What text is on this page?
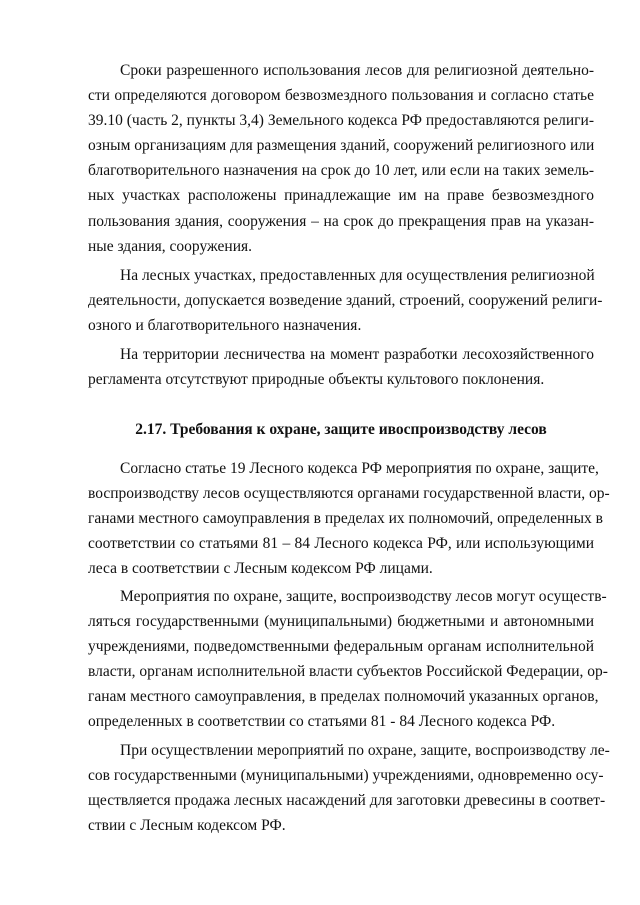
Сроки разрешенного использования лесов для религиозной деятельно-
сти определяются договором безвозмездного пользования и согласно статье
39.10 (часть 2, пункты 3,4) Земельного кодекса РФ предоставляются религи-
озным организациям для размещения зданий, сооружений религиозного или
благотворительного назначения на срок до 10 лет, или если на таких земель-
ных участках расположены принадлежащие им на праве безвозмездного
пользования здания, сооружения – на срок до прекращения прав на указан-
ные здания, сооружения.
На лесных участках, предоставленных для осуществления религиозной
деятельности, допускается возведение зданий, строений, сооружений религи-
озного и благотворительного назначения.
На территории лесничества на момент разработки лесохозяйственного
регламента отсутствуют природные объекты культового поклонения.
2.17. Требования к охране, защите ивоспроизводству лесов
Согласно статье 19 Лесного кодекса РФ мероприятия по охране, защите,
воспроизводству лесов осуществляются органами государственной власти, ор-
ганами местного самоуправления в пределах их полномочий, определенных в
соответствии со статьями 81 – 84 Лесного кодекса РФ, или использующими
леса в соответствии с Лесным кодексом РФ лицами.
Мероприятия по охране, защите, воспроизводству лесов могут осуществ-
ляться государственными (муниципальными) бюджетными и автономными
учреждениями, подведомственными федеральным органам исполнительной
власти, органам исполнительной власти субъектов Российской Федерации, ор-
ганам местного самоуправления, в пределах полномочий указанных органов,
определенных в соответствии со статьями 81 - 84 Лесного кодекса РФ.
При осуществлении мероприятий по охране, защите, воспроизводству ле-
сов государственными (муниципальными) учреждениями, одновременно осу-
ществляется продажа лесных насаждений для заготовки древесины в соответ-
ствии с Лесным кодексом РФ.
